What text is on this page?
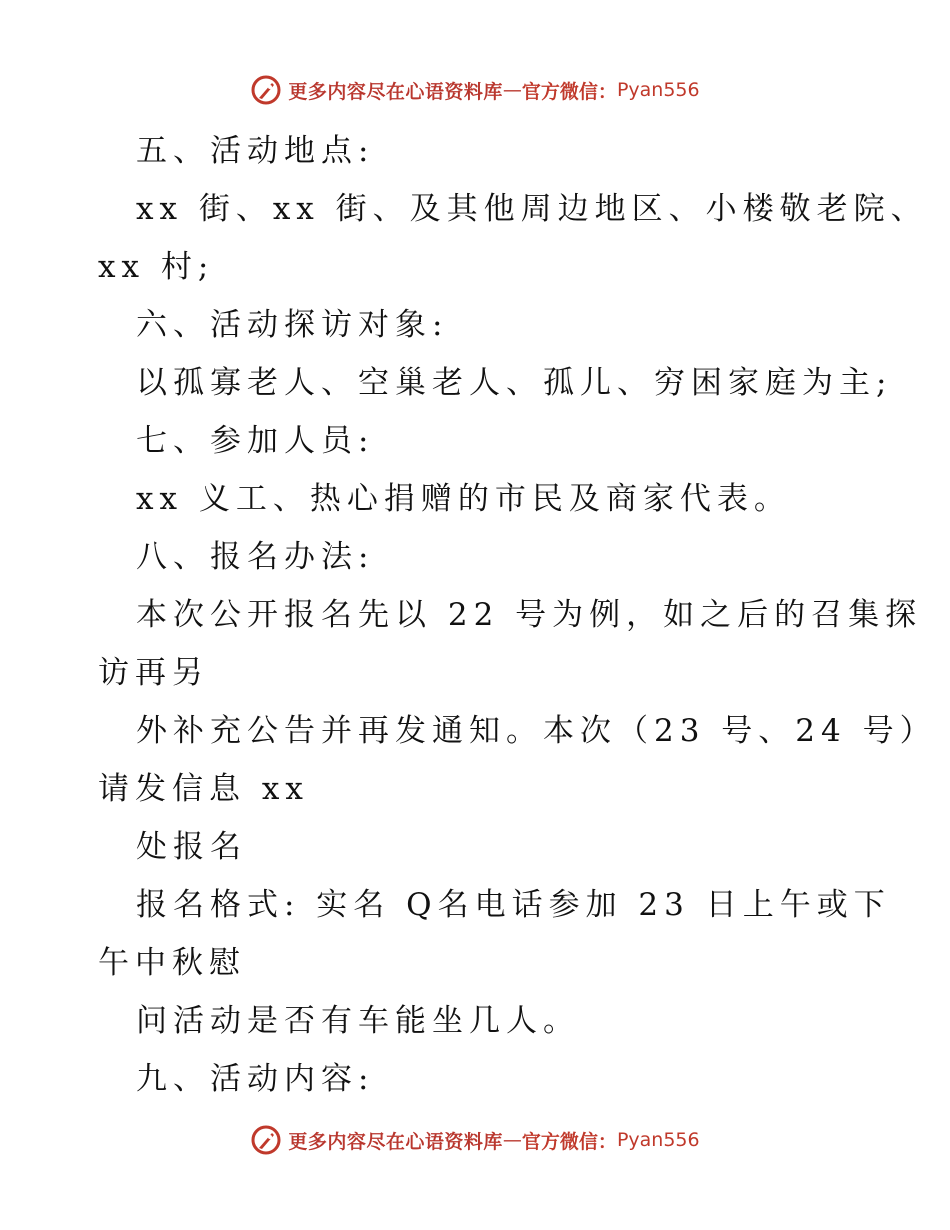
更多内容尽在心语资料库 — 官方微信： Pyan556
五、活动地点:
xx 街、xx 街、及其他周边地区、小楼敬老院、
xx 村;
六、活动探访对象:
以孤寡老人、空巢老人、孤儿、穷困家庭为主;
七、参加人员:
xx 义工、热心捐赠的市民及商家代表。
八、报名办法:
本次公开报名先以 22 号为例，如之后的召集探
访再另
外补充公告并再发通知。本次（23 号、24 号）
请发信息 xx
处报名
报名格式: 实名 Q名电话参加 23 日上午或下
午中秋慰
问活动是否有车能坐几人。
九、活动内容:
更多内容尽在心语资料库 — 官方微信： Pyan556
